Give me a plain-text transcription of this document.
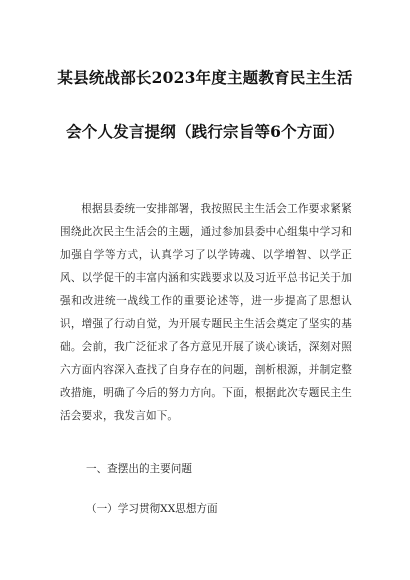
某县统战部长2023年度主题教育民主生活
会个人发言提纲（践行宗旨等6个方面）

根据县委统一安排部署，我按照民主生活会工作要求紧紧围绕此次民主生活会的主题，通过参加县委中心组集中学习和加强自学等方式，认真学习了以学铸魂、以学增智、以学正风、以学促干的丰富内涵和实践要求以及习近平总书记关于加强和改进统一战线工作的重要论述等，进一步提高了思想认识，增强了行动自觉，为开展专题民主生活会奠定了坚实的基础。会前，我广泛征求了各方意见开展了谈心谈话，深刻对照六方面内容深入查找了自身存在的问题，剖析根源，并制定整改措施，明确了今后的努力方向。下面，根据此次专题民主生活会要求，我发言如下。

一、查摆出的主要问题
（一）学习贯彻XX思想方面
